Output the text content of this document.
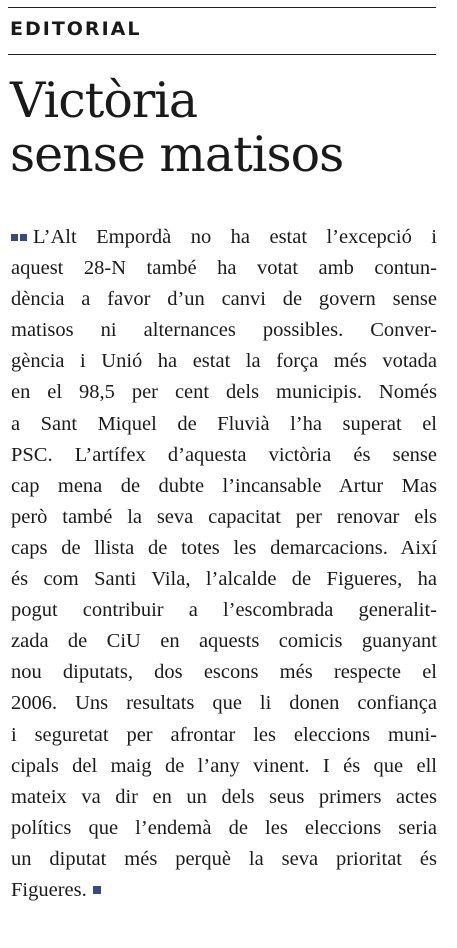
EDITORIAL
Victòria
sense matisos
L’Alt Empordà no ha estat l’excepció i
aquest 28-N també ha votat amb contun-
dència a favor d’un canvi de govern sense
matisos ni alternances possibles. Conver-
gència i Unió ha estat la força més votada
en el 98,5 per cent dels municipis. Només
a Sant Miquel de Fluvià l’ha superat el
PSC. L’artífex d’aquesta victòria és sense
cap mena de dubte l’incansable Artur Mas
però també la seva capacitat per renovar els
caps de llista de totes les demarcacions. Així
és com Santi Vila, l’alcalde de Figueres, ha
pogut contribuir a l’escombrada generalit-
zada de CiU en aquests comicis guanyant
nou diputats, dos escons més respecte el
2006. Uns resultats que li donen confiança
i seguretat per afrontar les eleccions muni-
cipals del maig de l’any vinent. I és que ell
mateix va dir en un dels seus primers actes
polítics que l’endemà de les eleccions seria
un diputat més perquè la seva prioritat és
Figueres.
